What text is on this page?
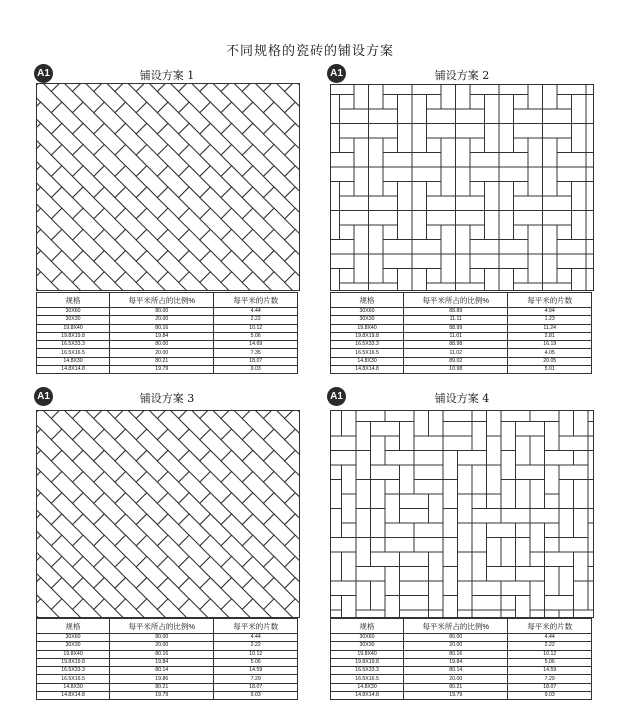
不同规格的瓷砖的铺设方案
A1	铺设方案 1
规格	每平米所占的比例%	每平米的片数
30X60	80.00	4.44
30X30	20.00	2.22
19.8X40	80.16	10.12
19.8X19.8	19.84	5.06
16.5X33.3	80.00	14.69
16.5X16.5	20.00	7.35
14.8X30	80.21	18.07
14.8X14.8	19.79	9.03
A1	铺设方案 2
规格	每平米所占的比例%	每平米的片数
30X60	88.89	4.94
30X30	11.11	1.23
19.8X40	88.99	11.24
19.8X19.8	11.01	2.81
16.5X33.3	88.98	16.19
16.5X16.5	11.02	4.05
14.8X30	89.02	20.05
14.8X14.8	10.98	5.01
A1	铺设方案 3
规格	每平米所占的比例%	每平米的片数
30X60	80.00	4.44
30X30	20.00	2.22
19.8X40	80.16	10.12
19.8X19.8	19.84	5.06
16.5X33.3	80.14	14.59
16.5X16.5	19.86	7.29
14.8X30	80.21	18.07
14.8X14.8	19.79	9.03
A1	铺设方案 4
规格	每平米所占的比例%	每平米的片数
30X60	80.00	4.44
30X30	20.00	2.22
19.8X40	80.16	10.12
19.8X19.8	19.84	5.06
16.5X33.3	80.14	14.59
16.5X16.5	20.00	7.29
14.8X30	80.21	18.07
14.8X14.8	19.79	9.03
